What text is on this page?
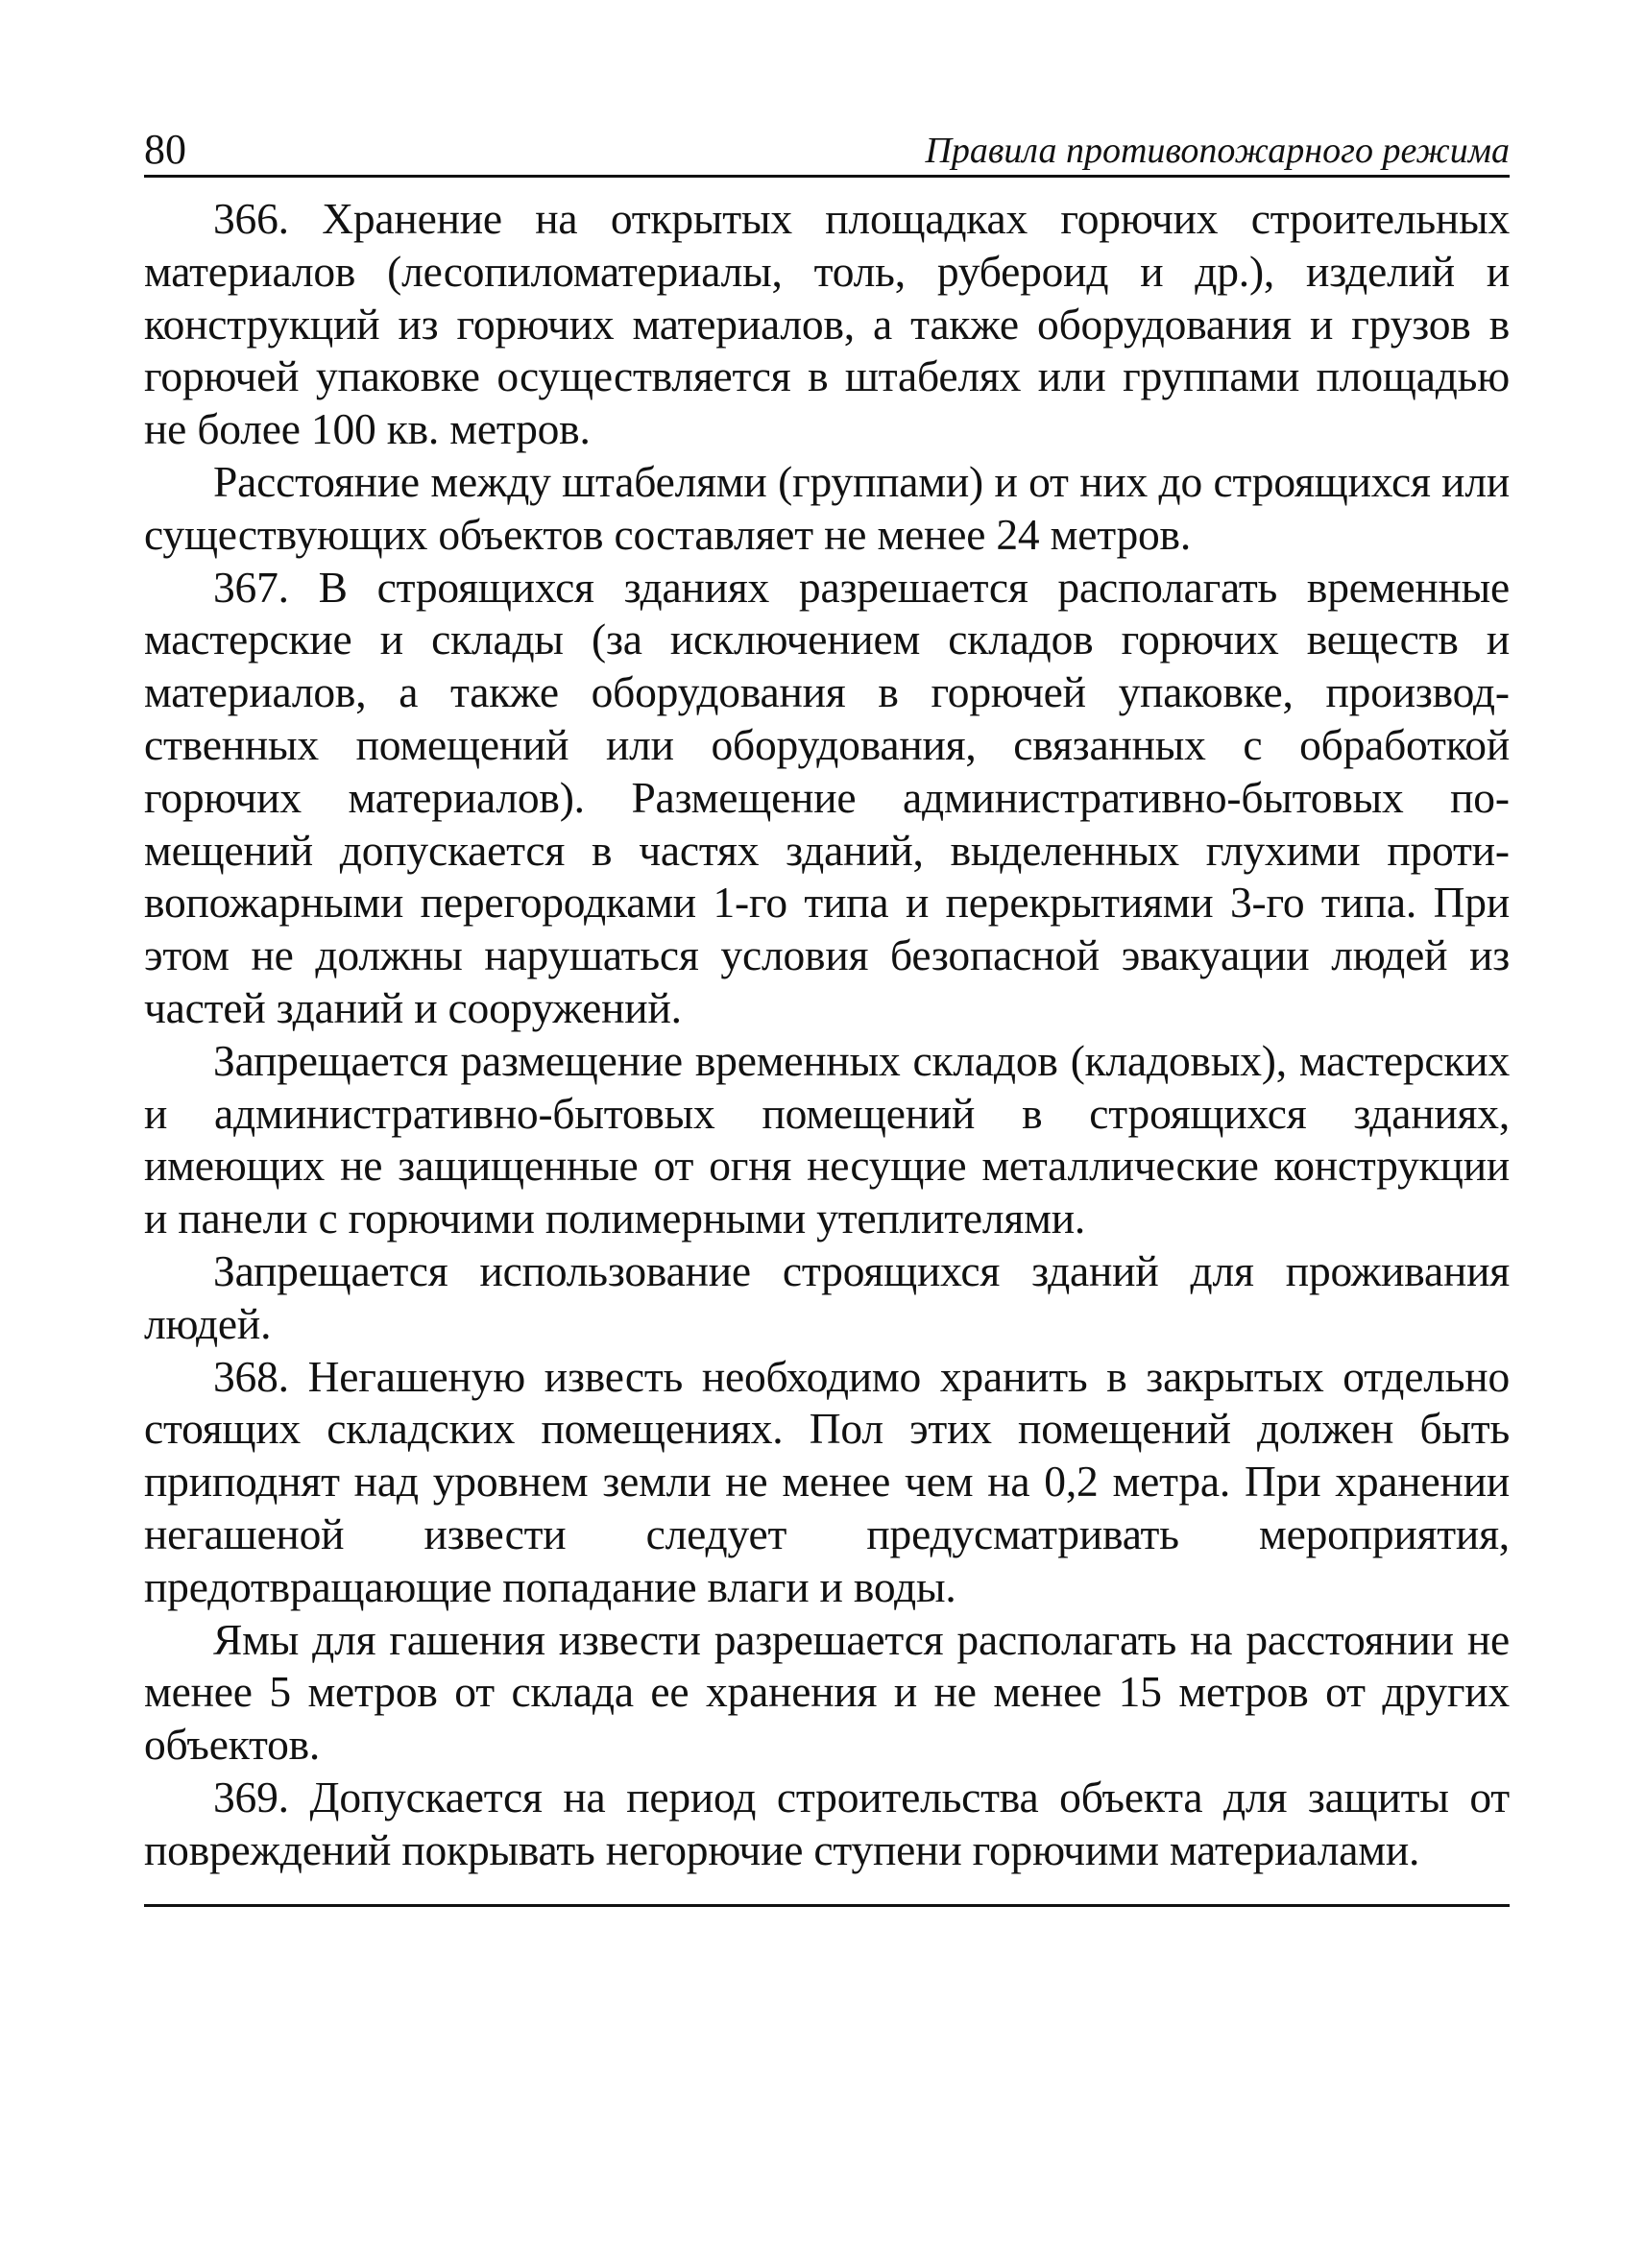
80	Правила противопожарного режима

366. Хранение на открытых площадках горючих строительных материалов (лесопиломатериалы, толь, рубероид и др.), изделий и конструкций из горючих материалов, а также оборудования и грузов в горючей упаковке осуществляется в штабелях или группами площадью не более 100 кв. метров.

Расстояние между штабелями (группами) и от них до строящихся или существующих объектов составляет не менее 24 метров.

367. В строящихся зданиях разрешается располагать временные мастерские и склады (за исключением складов горючих веществ и материалов, а также оборудования в горючей упаковке, производственных помещений или оборудования, связанных с обработкой горючих материалов). Размещение административно-бытовых помещений допускается в частях зданий, выделенных глухими противопожарными перегородками 1-го типа и перекрытиями 3-го типа. При этом не должны нарушаться условия безопасной эвакуации людей из частей зданий и сооружений.

Запрещается размещение временных складов (кладовых), мастерских и административно-бытовых помещений в строящихся зданиях, имеющих не защищенные от огня несущие металлические конструкции и панели с горючими полимерными утеплителями.

Запрещается использование строящихся зданий для проживания людей.

368. Негашеную известь необходимо хранить в закрытых отдельно стоящих складских помещениях. Пол этих помещений должен быть приподнят над уровнем земли не менее чем на 0,2 метра. При хранении негашеной извести следует предусматривать мероприятия, предотвращающие попадание влаги и воды.

Ямы для гашения извести разрешается располагать на расстоянии не менее 5 метров от склада ее хранения и не менее 15 метров от других объектов.

369. Допускается на период строительства объекта для защиты от повреждений покрывать негорючие ступени горючими материалами.
